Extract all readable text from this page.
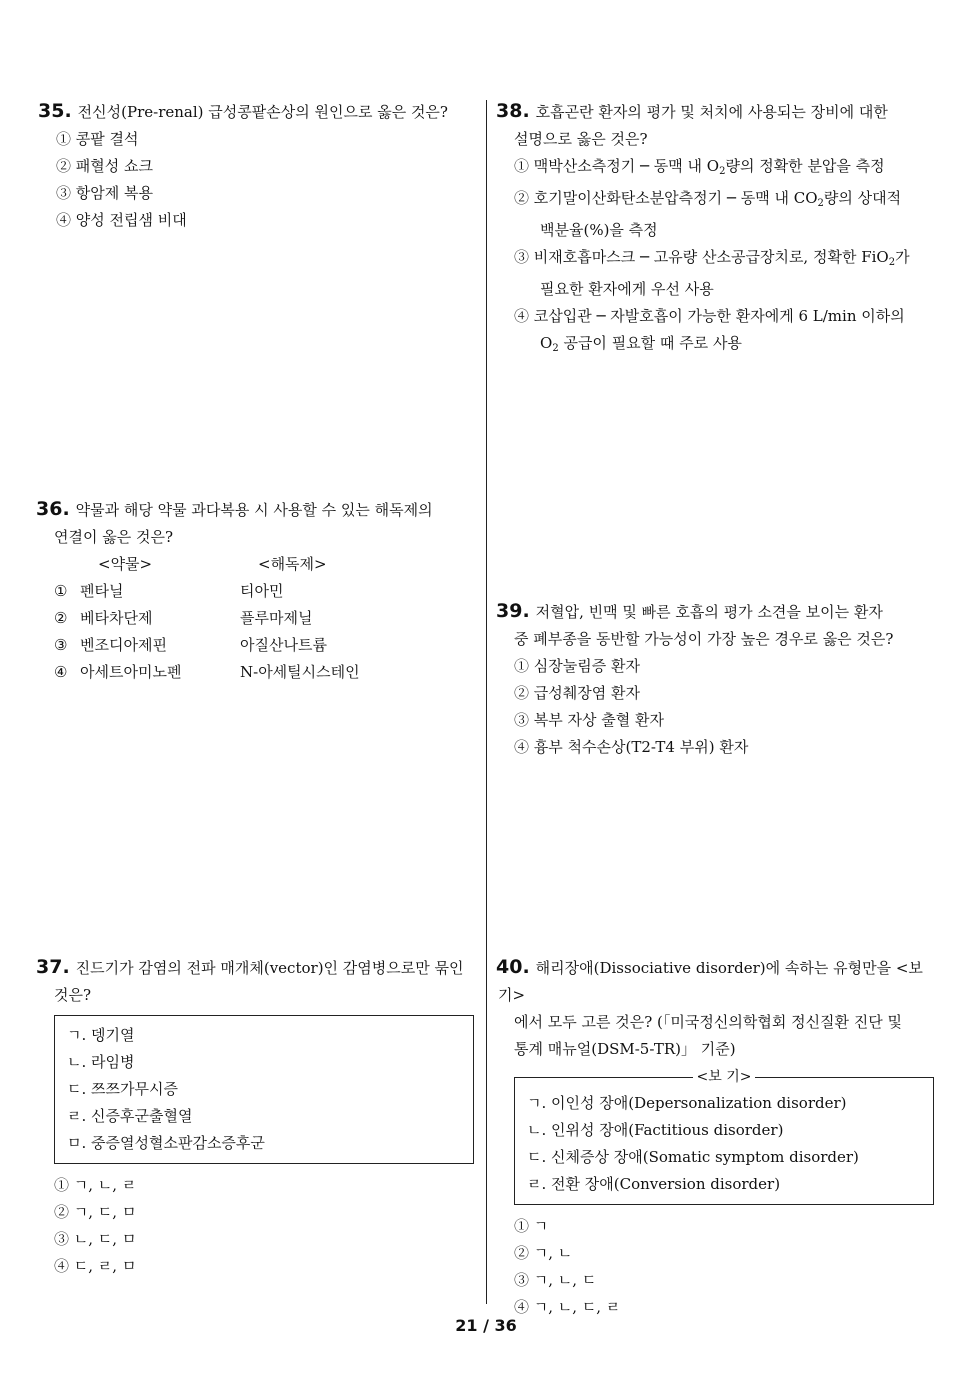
35. 전신성(Pre-renal) 급성콩팥손상의 원인으로 옳은 것은?
① 콩팥 결석
② 패혈성 쇼크
③ 항암제 복용
④ 양성 전립샘 비대
36. 약물과 해당 약물 과다복용 시 사용할 수 있는 해독제의
연결이 옳은 것은?
<약물>	<해독제>
① 펜타닐	티아민
② 베타차단제	플루마제닐
③ 벤조디아제핀	아질산나트륨
④ 아세트아미노펜	N-아세틸시스테인
37. 진드기가 감염의 전파 매개체(vector)인 감염병으로만 묶인
것은?
ㄱ. 뎅기열
ㄴ. 라임병
ㄷ. 쯔쯔가무시증
ㄹ. 신증후군출혈열
ㅁ. 중증열성혈소판감소증후군
① ㄱ, ㄴ, ㄹ
② ㄱ, ㄷ, ㅁ
③ ㄴ, ㄷ, ㅁ
④ ㄷ, ㄹ, ㅁ
38. 호흡곤란 환자의 평가 및 처치에 사용되는 장비에 대한
설명으로 옳은 것은?
① 맥박산소측정기 ─ 동맥 내 $O_2$량의 정확한 분압을 측정
② 호기말이산화탄소분압측정기 ─ 동맥 내 $CO_2$량의 상대적
백분율(%)을 측정
③ 비재호흡마스크 ─ 고유량 산소공급장치로, 정확한 FiO$_2$가
필요한 환자에게 우선 사용
④ 코삽입관 ─ 자발호흡이 가능한 환자에게 6 L/min 이하의
$O_2$ 공급이 필요할 때 주로 사용
39. 저혈압, 빈맥 및 빠른 호흡의 평가 소견을 보이는 환자
중 폐부종을 동반할 가능성이 가장 높은 경우로 옳은 것은?
① 심장눌림증 환자
② 급성췌장염 환자
③ 복부 자상 출혈 환자
④ 흉부 척수손상(T2-T4 부위) 환자
40. 해리장애(Dissociative disorder)에 속하는 유형만을 <보기>
에서 모두 고른 것은? (「미국정신의학협회 정신질환 진단 및
통계 매뉴얼(DSM-5-TR)」 기준)
<보 기>
ㄱ. 이인성 장애(Depersonalization disorder)
ㄴ. 인위성 장애(Factitious disorder)
ㄷ. 신체증상 장애(Somatic symptom disorder)
ㄹ. 전환 장애(Conversion disorder)
① ㄱ
② ㄱ, ㄴ
③ ㄱ, ㄴ, ㄷ
④ ㄱ, ㄴ, ㄷ, ㄹ
21 / 36
